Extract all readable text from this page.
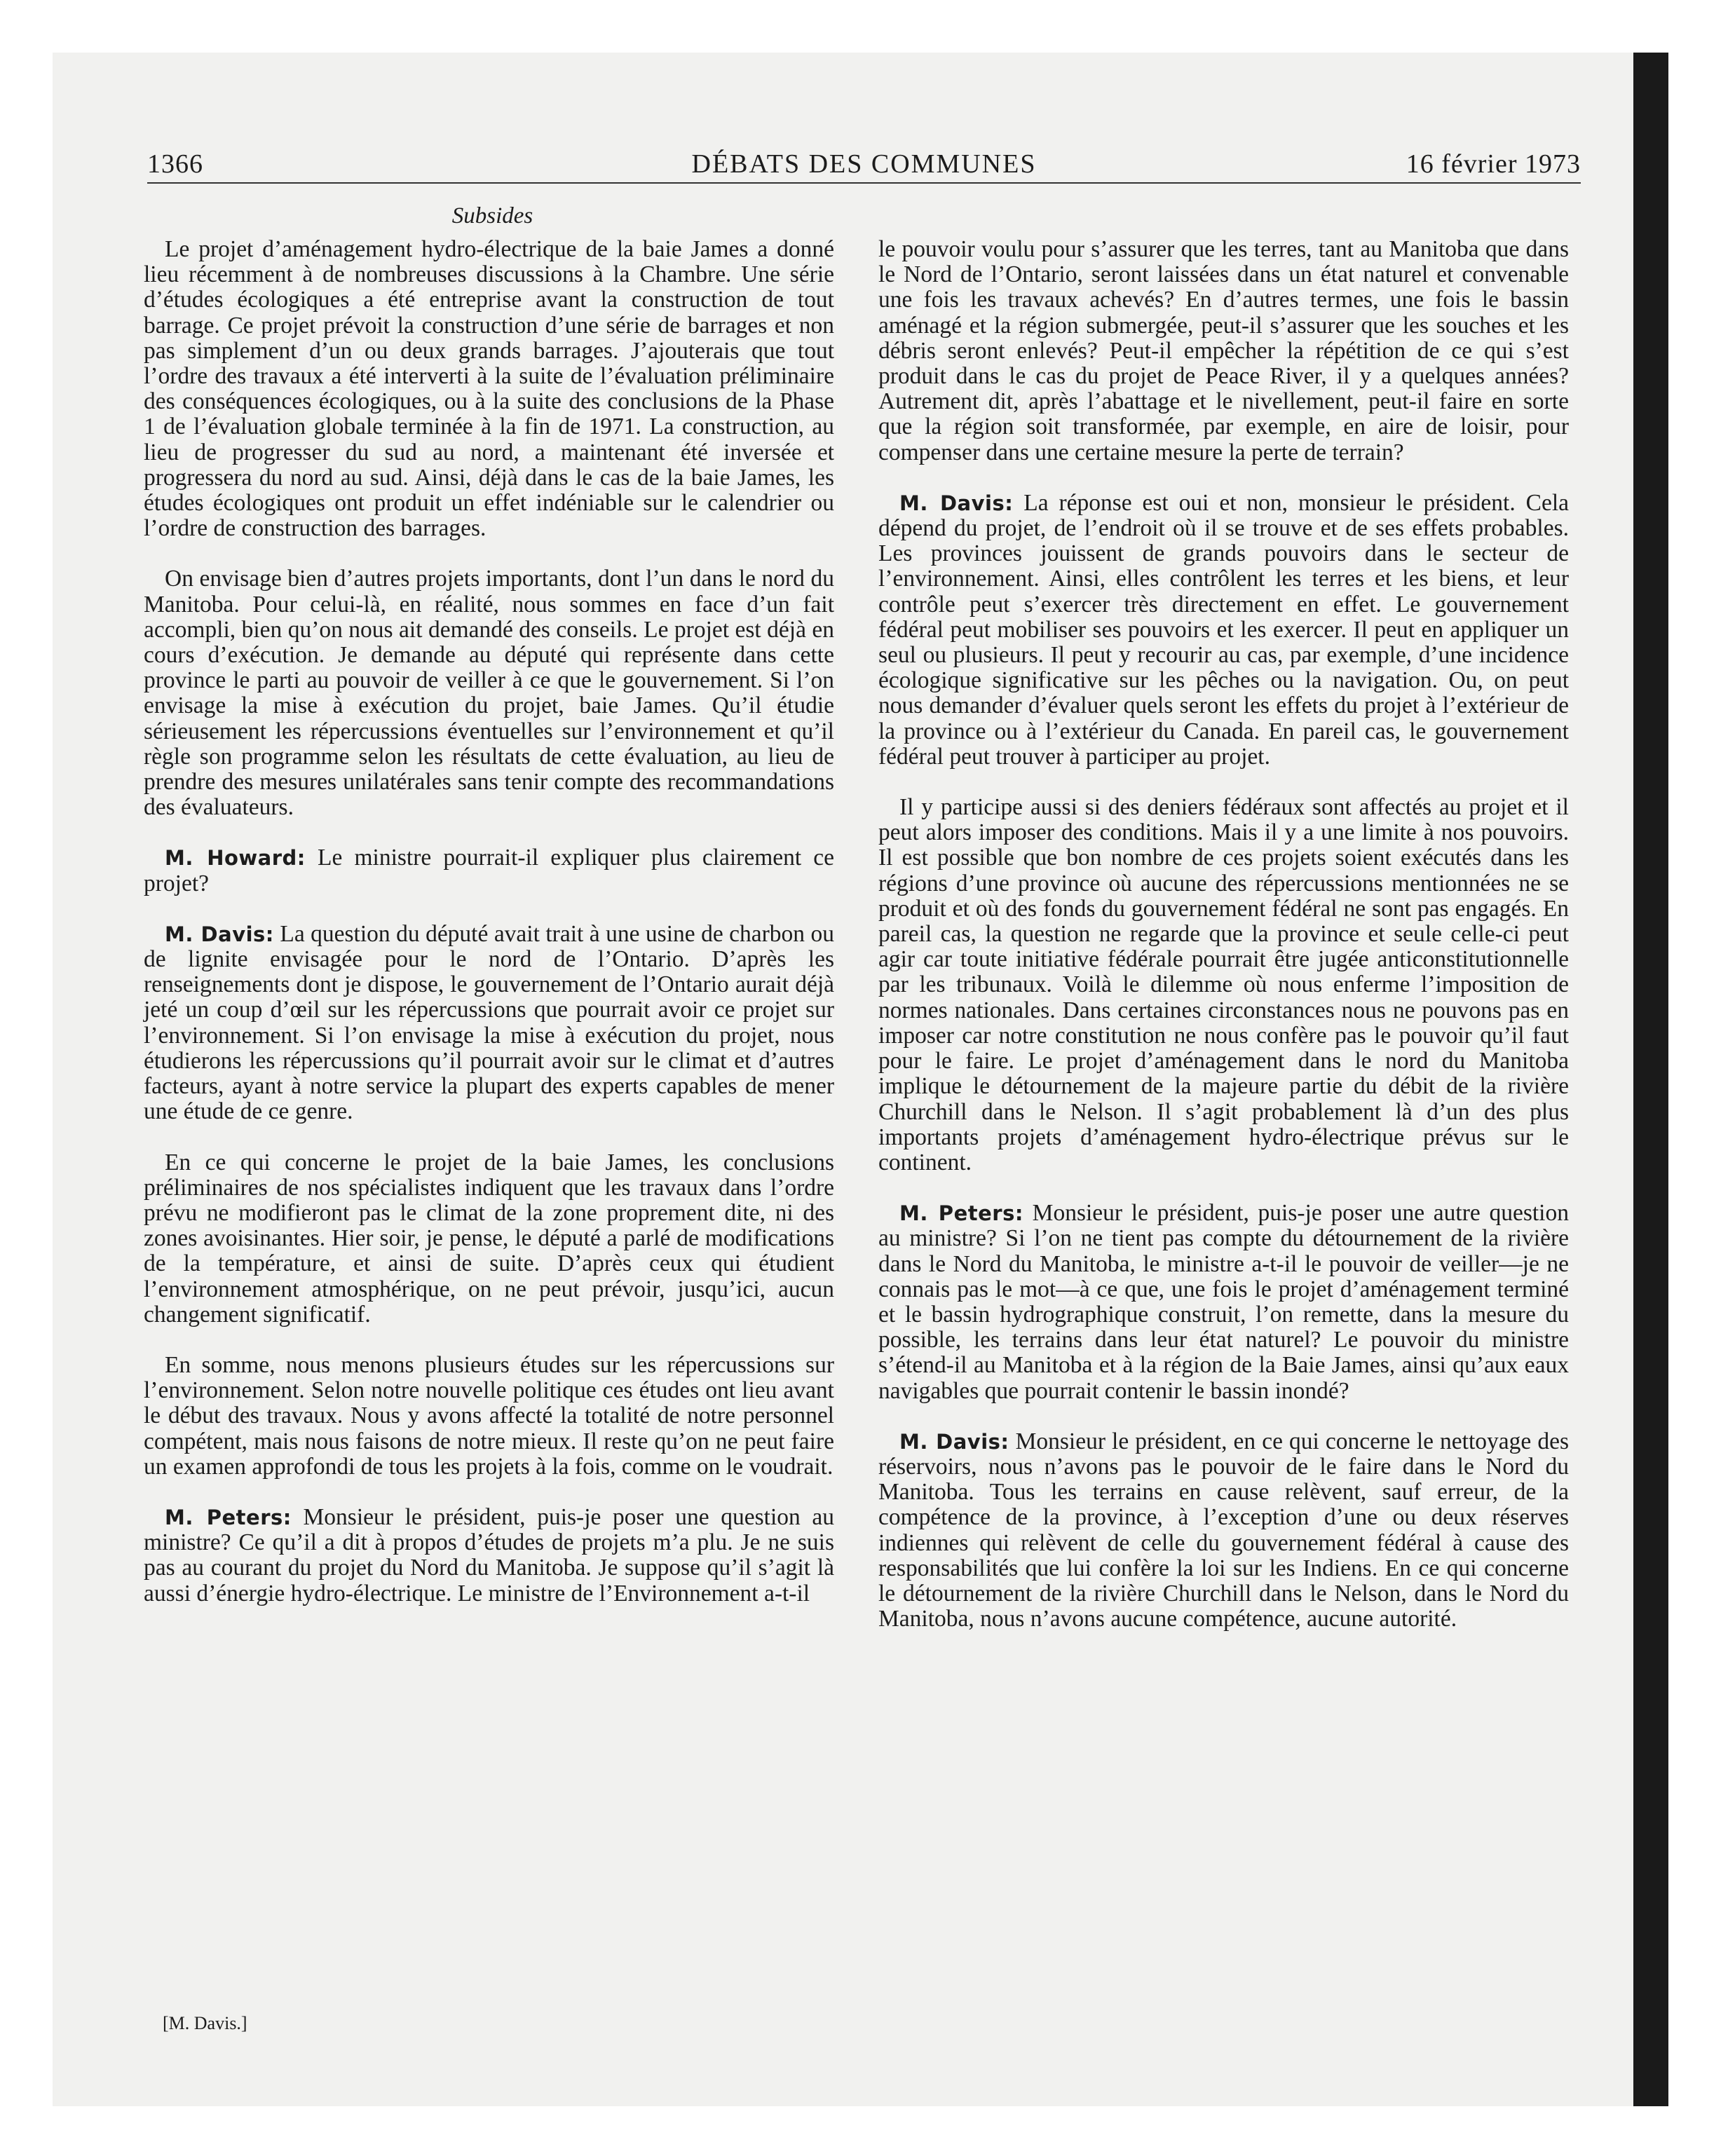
1366	DÉBATS DES COMMUNES	16 février 1973
Subsides

Le projet d’aménagement hydro-électrique de la baie James a donné lieu récemment à de nombreuses discussions à la Chambre. Une série d’études écologiques a été entreprise avant la construction de tout barrage. Ce projet prévoit la construction d’une série de barrages et non pas simplement d’un ou deux grands barrages. J’ajouterais que tout l’ordre des travaux a été interverti à la suite de l’évaluation préliminaire des conséquences écologiques, ou à la suite des conclusions de la Phase 1 de l’évaluation globale terminée à la fin de 1971. La construction, au lieu de progresser du sud au nord, a maintenant été inversée et progressera du nord au sud. Ainsi, déjà dans le cas de la baie James, les études écologiques ont produit un effet indéniable sur le calendrier ou l’ordre de construction des barrages.

On envisage bien d’autres projets importants, dont l’un dans le nord du Manitoba. Pour celui-là, en réalité, nous sommes en face d’un fait accompli, bien qu’on nous ait demandé des conseils. Le projet est déjà en cours d’exécution. Je demande au député qui représente dans cette province le parti au pouvoir de veiller à ce que le gouvernement. Si l’on envisage la mise à exécution du projet, baie James. Qu’il étudie sérieusement les répercussions éventuelles sur l’environnement et qu’il règle son programme selon les résultats de cette évaluation, au lieu de prendre des mesures unilatérales sans tenir compte des recommandations des évaluateurs.

M. Howard: Le ministre pourrait-il expliquer plus clairement ce projet?

M. Davis: La question du député avait trait à une usine de charbon ou de lignite envisagée pour le nord de l’Ontario. D’après les renseignements dont je dispose, le gouvernement de l’Ontario aurait déjà jeté un coup d’œil sur les répercussions que pourrait avoir ce projet sur l’environnement. Si l’on envisage la mise à exécution du projet, nous étudierons les répercussions qu’il pourrait avoir sur le climat et d’autres facteurs, ayant à notre service la plupart des experts capables de mener une étude de ce genre.

En ce qui concerne le projet de la baie James, les conclusions préliminaires de nos spécialistes indiquent que les travaux dans l’ordre prévu ne modifieront pas le climat de la zone proprement dite, ni des zones avoisinantes. Hier soir, je pense, le député a parlé de modifications de la température, et ainsi de suite. D’après ceux qui étudient l’environnement atmosphérique, on ne peut prévoir, jusqu’ici, aucun changement significatif.

En somme, nous menons plusieurs études sur les répercussions sur l’environnement. Selon notre nouvelle politique ces études ont lieu avant le début des travaux. Nous y avons affecté la totalité de notre personnel compétent, mais nous faisons de notre mieux. Il reste qu’on ne peut faire un examen approfondi de tous les projets à la fois, comme on le voudrait.

M. Peters: Monsieur le président, puis-je poser une question au ministre? Ce qu’il a dit à propos d’études de projets m’a plu. Je ne suis pas au courant du projet du Nord du Manitoba. Je suppose qu’il s’agit là aussi d’énergie hydro-électrique. Le ministre de l’Environnement a-t-il

le pouvoir voulu pour s’assurer que les terres, tant au Manitoba que dans le Nord de l’Ontario, seront laissées dans un état naturel et convenable une fois les travaux achevés? En d’autres termes, une fois le bassin aménagé et la région submergée, peut-il s’assurer que les souches et les débris seront enlevés? Peut-il empêcher la répétition de ce qui s’est produit dans le cas du projet de Peace River, il y a quelques années? Autrement dit, après l’abattage et le nivellement, peut-il faire en sorte que la région soit transformée, par exemple, en aire de loisir, pour compenser dans une certaine mesure la perte de terrain?

M. Davis: La réponse est oui et non, monsieur le président. Cela dépend du projet, de l’endroit où il se trouve et de ses effets probables. Les provinces jouissent de grands pouvoirs dans le secteur de l’environnement. Ainsi, elles contrôlent les terres et les biens, et leur contrôle peut s’exercer très directement en effet. Le gouvernement fédéral peut mobiliser ses pouvoirs et les exercer. Il peut en appliquer un seul ou plusieurs. Il peut y recourir au cas, par exemple, d’une incidence écologique significative sur les pêches ou la navigation. Ou, on peut nous demander d’évaluer quels seront les effets du projet à l’extérieur de la province ou à l’extérieur du Canada. En pareil cas, le gouvernement fédéral peut trouver à participer au projet.

Il y participe aussi si des deniers fédéraux sont affectés au projet et il peut alors imposer des conditions. Mais il y a une limite à nos pouvoirs. Il est possible que bon nombre de ces projets soient exécutés dans les régions d’une province où aucune des répercussions mentionnées ne se produit et où des fonds du gouvernement fédéral ne sont pas engagés. En pareil cas, la question ne regarde que la province et seule celle-ci peut agir car toute initiative fédérale pourrait être jugée anticonstitutionnelle par les tribunaux. Voilà le dilemme où nous enferme l’imposition de normes nationales. Dans certaines circonstances nous ne pouvons pas en imposer car notre constitution ne nous confère pas le pouvoir qu’il faut pour le faire. Le projet d’aménagement dans le nord du Manitoba implique le détournement de la majeure partie du débit de la rivière Churchill dans le Nelson. Il s’agit probablement là d’un des plus importants projets d’aménagement hydro-électrique prévus sur le continent.

M. Peters: Monsieur le président, puis-je poser une autre question au ministre? Si l’on ne tient pas compte du détournement de la rivière dans le Nord du Manitoba, le ministre a-t-il le pouvoir de veiller—je ne connais pas le mot—à ce que, une fois le projet d’aménagement terminé et le bassin hydrographique construit, l’on remette, dans la mesure du possible, les terrains dans leur état naturel? Le pouvoir du ministre s’étend-il au Manitoba et à la région de la Baie James, ainsi qu’aux eaux navigables que pourrait contenir le bassin inondé?

M. Davis: Monsieur le président, en ce qui concerne le nettoyage des réservoirs, nous n’avons pas le pouvoir de le faire dans le Nord du Manitoba. Tous les terrains en cause relèvent, sauf erreur, de la compétence de la province, à l’exception d’une ou deux réserves indiennes qui relèvent de celle du gouvernement fédéral à cause des responsabilités que lui confère la loi sur les Indiens. En ce qui concerne le détournement de la rivière Churchill dans le Nelson, dans le Nord du Manitoba, nous n’avons aucune compétence, aucune autorité.

[M. Davis.]
